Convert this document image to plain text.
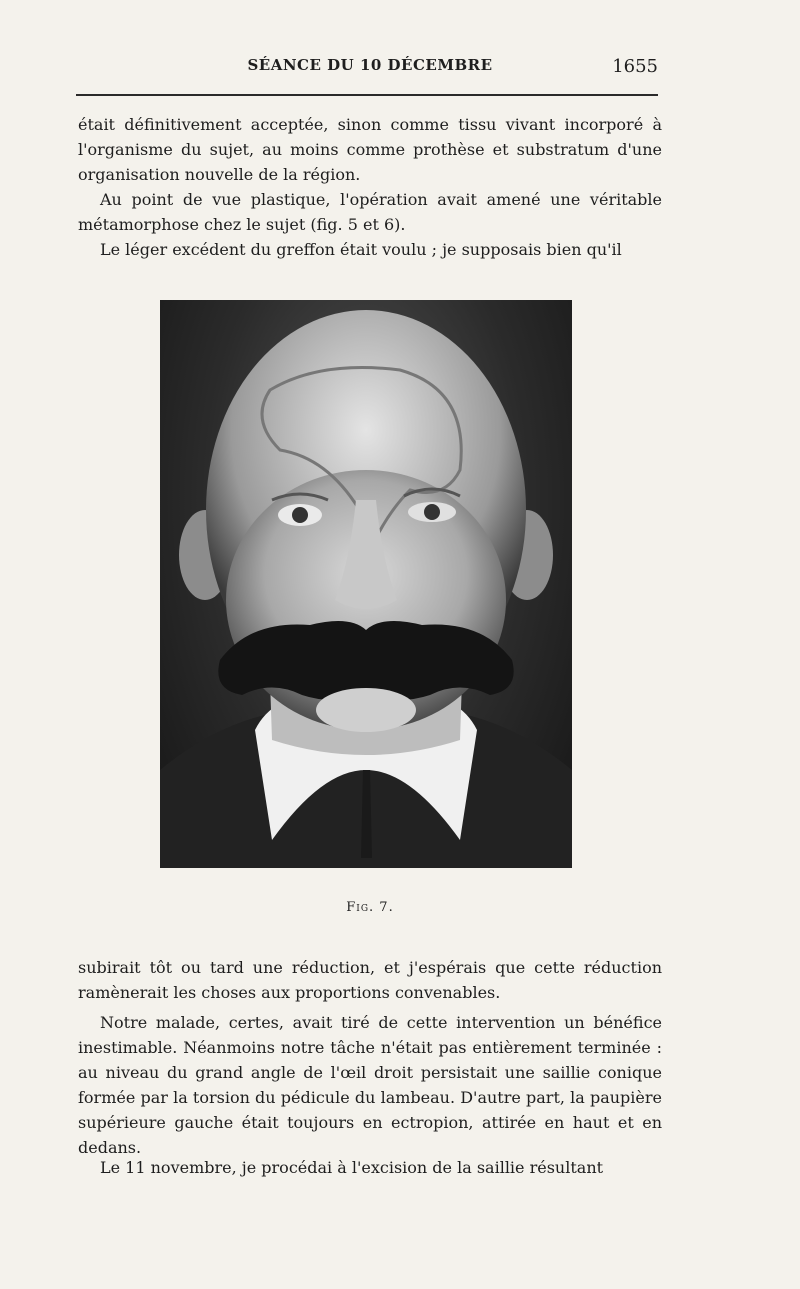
SÉANCE DU 10 DÉCEMBRE	1655

était définitivement acceptée, sinon comme tissu vivant incorporé à l'organisme du sujet, au moins comme prothèse et substratum d'une organisation nouvelle de la région.

Au point de vue plastique, l'opération avait amené une véritable métamorphose chez le sujet (fig. 5 et 6).

Le léger excédent du greffon était voulu ; je supposais bien qu'il

Fig. 7.

subirait tôt ou tard une réduction, et j'espérais que cette réduction ramènerait les choses aux proportions convenables.

Notre malade, certes, avait tiré de cette intervention un bénéfice inestimable. Néanmoins notre tâche n'était pas entièrement terminée : au niveau du grand angle de l'œil droit persistait une saillie conique formée par la torsion du pédicule du lambeau. D'autre part, la paupière supérieure gauche était toujours en ectropion, attirée en haut et en dedans.

Le 11 novembre, je procédai à l'excision de la saillie résultant
